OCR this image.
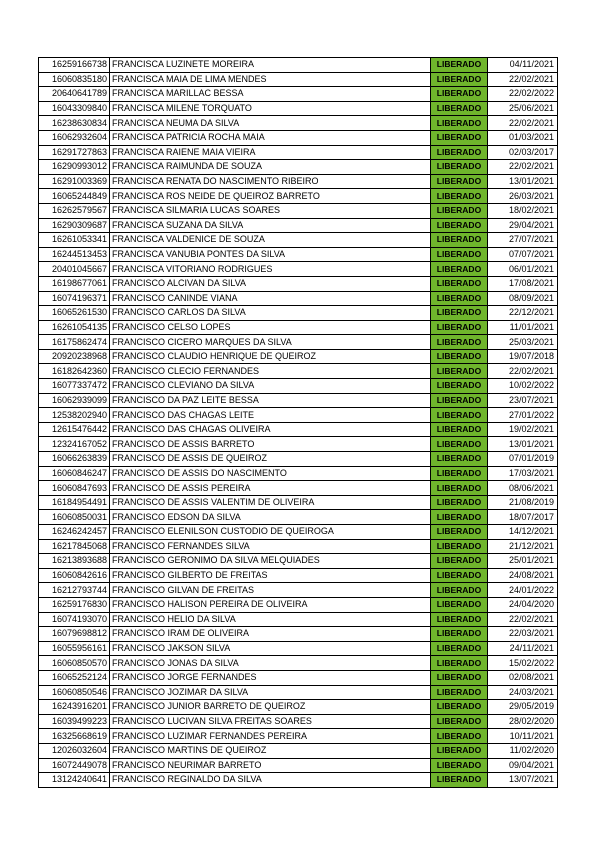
16259166738	FRANCISCA LUZINETE MOREIRA	LIBERADO	04/11/2021
16060835180	FRANCISCA MAIA DE LIMA MENDES	LIBERADO	22/02/2021
20640641789	FRANCISCA MARILLAC BESSA	LIBERADO	22/02/2022
16043309840	FRANCISCA MILENE TORQUATO	LIBERADO	25/06/2021
16238630834	FRANCISCA NEUMA DA SILVA	LIBERADO	22/02/2021
16062932604	FRANCISCA PATRICIA ROCHA MAIA	LIBERADO	01/03/2021
16291727863	FRANCISCA RAIENE MAIA VIEIRA	LIBERADO	02/03/2017
16290993012	FRANCISCA RAIMUNDA DE SOUZA	LIBERADO	22/02/2021
16291003369	FRANCISCA RENATA DO NASCIMENTO RIBEIRO	LIBERADO	13/01/2021
16065244849	FRANCISCA ROS NEIDE DE QUEIROZ BARRETO	LIBERADO	26/03/2021
16262579567	FRANCISCA SILMARIA LUCAS SOARES	LIBERADO	18/02/2021
16290309687	FRANCISCA SUZANA DA SILVA	LIBERADO	29/04/2021
16261053341	FRANCISCA VALDENICE DE SOUZA	LIBERADO	27/07/2021
16244513453	FRANCISCA VANUBIA PONTES DA SILVA	LIBERADO	07/07/2021
20401045667	FRANCISCA VITORIANO RODRIGUES	LIBERADO	06/01/2021
16198677061	FRANCISCO ALCIVAN DA SILVA	LIBERADO	17/08/2021
16074196371	FRANCISCO CANINDE VIANA	LIBERADO	08/09/2021
16065261530	FRANCISCO CARLOS DA SILVA	LIBERADO	22/12/2021
16261054135	FRANCISCO CELSO LOPES	LIBERADO	11/01/2021
16175862474	FRANCISCO CICERO MARQUES DA SILVA	LIBERADO	25/03/2021
20920238968	FRANCISCO CLAUDIO HENRIQUE DE QUEIROZ	LIBERADO	19/07/2018
16182642360	FRANCISCO CLECIO FERNANDES	LIBERADO	22/02/2021
16077337472	FRANCISCO CLEVIANO DA SILVA	LIBERADO	10/02/2022
16062939099	FRANCISCO DA PAZ LEITE BESSA	LIBERADO	23/07/2021
12538202940	FRANCISCO DAS CHAGAS LEITE	LIBERADO	27/01/2022
12615476442	FRANCISCO DAS CHAGAS OLIVEIRA	LIBERADO	19/02/2021
12324167052	FRANCISCO DE ASSIS BARRETO	LIBERADO	13/01/2021
16066263839	FRANCISCO DE ASSIS DE QUEIROZ	LIBERADO	07/01/2019
16060846247	FRANCISCO DE ASSIS DO NASCIMENTO	LIBERADO	17/03/2021
16060847693	FRANCISCO DE ASSIS PEREIRA	LIBERADO	08/06/2021
16184954491	FRANCISCO DE ASSIS VALENTIM DE OLIVEIRA	LIBERADO	21/08/2019
16060850031	FRANCISCO EDSON DA SILVA	LIBERADO	18/07/2017
16246242457	FRANCISCO ELENILSON CUSTODIO DE QUEIROGA	LIBERADO	14/12/2021
16217845068	FRANCISCO FERNANDES SILVA	LIBERADO	21/12/2021
16213893688	FRANCISCO GERONIMO DA SILVA MELQUIADES	LIBERADO	25/01/2021
16060842616	FRANCISCO GILBERTO DE FREITAS	LIBERADO	24/08/2021
16212793744	FRANCISCO GILVAN DE FREITAS	LIBERADO	24/01/2022
16259176830	FRANCISCO HALISON PEREIRA DE OLIVEIRA	LIBERADO	24/04/2020
16074193070	FRANCISCO HELIO DA SILVA	LIBERADO	22/02/2021
16079698812	FRANCISCO IRAM DE OLIVEIRA	LIBERADO	22/03/2021
16055956161	FRANCISCO JAKSON SILVA	LIBERADO	24/11/2021
16060850570	FRANCISCO JONAS DA SILVA	LIBERADO	15/02/2022
16065252124	FRANCISCO JORGE FERNANDES	LIBERADO	02/08/2021
16060850546	FRANCISCO JOZIMAR DA SILVA	LIBERADO	24/03/2021
16243916201	FRANCISCO JUNIOR BARRETO DE QUEIROZ	LIBERADO	29/05/2019
16039499223	FRANCISCO LUCIVAN SILVA FREITAS SOARES	LIBERADO	28/02/2020
16325668619	FRANCISCO LUZIMAR FERNANDES PEREIRA	LIBERADO	10/11/2021
12026032604	FRANCISCO MARTINS DE QUEIROZ	LIBERADO	11/02/2020
16072449078	FRANCISCO NEURIMAR BARRETO	LIBERADO	09/04/2021
13124240641	FRANCISCO REGINALDO DA SILVA	LIBERADO	13/07/2021
